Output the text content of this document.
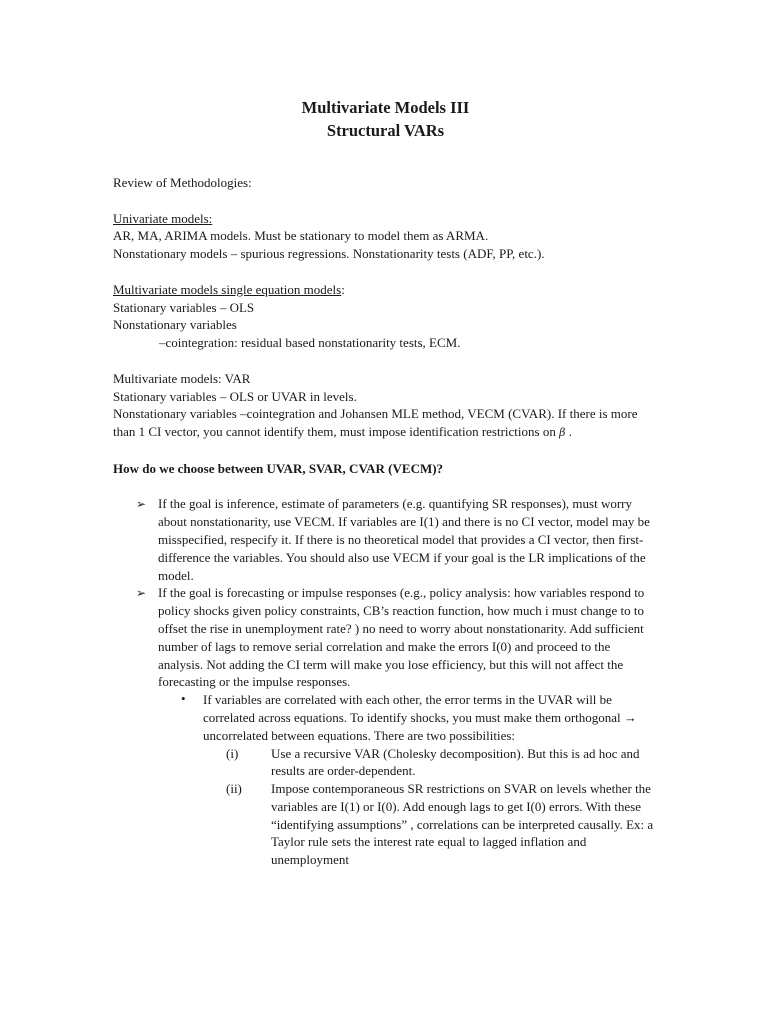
Multivariate Models III

Structural VARs

Review of Methodologies:

Univariate models:

AR, MA, ARIMA models. Must be stationary to model them as ARMA.

Nonstationary models – spurious regressions. Nonstationarity tests (ADF, PP, etc.).

Multivariate models single equation models:

Stationary variables – OLS

Nonstationary variables

–cointegration: residual based nonstationarity tests, ECM.

Multivariate models: VAR

Stationary variables – OLS or UVAR in levels.

Nonstationary variables –cointegration and Johansen MLE method, VECM (CVAR). If there is more than 1 CI vector, you cannot identify them, must impose identification restrictions on β .

How do we choose between UVAR, SVAR, CVAR (VECM)?

➢ If the goal is inference, estimate of parameters (e.g. quantifying SR responses), must worry about nonstationarity, use VECM. If variables are I(1) and there is no CI vector, model may be misspecified, respecify it. If there is no theoretical model that provides a CI vector, then first-difference the variables. You should also use VECM if your goal is the LR implications of the model.
➢ If the goal is forecasting or impulse responses (e.g., policy analysis: how variables respond to policy shocks given policy constraints, CB’s reaction function, how much i must change to to offset the rise in unemployment rate? ) no need to worry about nonstationarity. Add sufficient number of lags to remove serial correlation and make the errors I(0) and proceed to the analysis. Not adding the CI term will make you lose efficiency, but this will not affect the forecasting or the impulse responses.
• If variables are correlated with each other, the error terms in the UVAR will be correlated across equations. To identify shocks, you must make them orthogonal → uncorrelated between equations. There are two possibilities:
(i)	Use a recursive VAR (Cholesky decomposition). But this is ad hoc and results are order-dependent.
(ii) Impose contemporaneous SR restrictions on SVAR on levels whether the variables are I(1) or I(0). Add enough lags to get I(0) errors. With these “identifying assumptions” , correlations can be interpreted causally. Ex: a Taylor rule sets the interest rate equal to lagged inflation and unemployment
